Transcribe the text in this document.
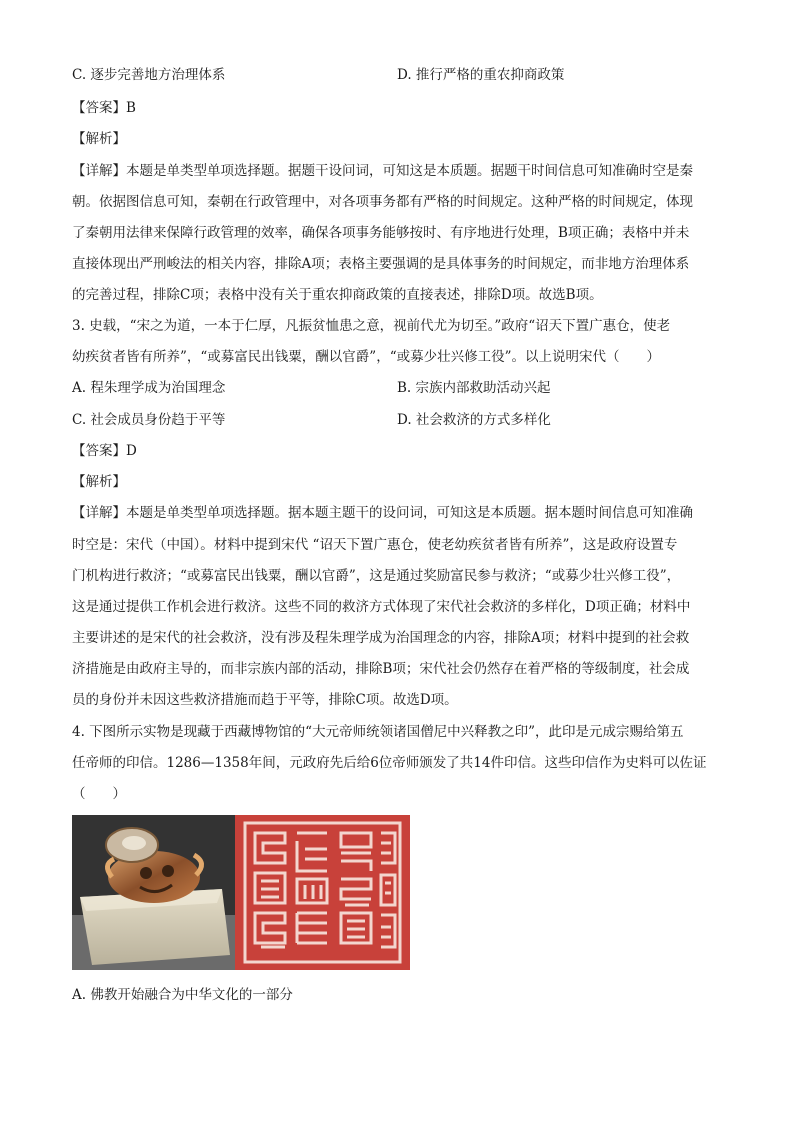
C. 逐步完善地方治理体系	D. 推行严格的重农抑商政策
【答案】B
【解析】
【详解】本题是单类型单项选择题。据题干设问词，可知这是本质题。据题干时间信息可知准确时空是秦
朝。依据图信息可知，秦朝在行政管理中，对各项事务都有严格的时间规定。这种严格的时间规定，体现
了秦朝用法律来保障行政管理的效率，确保各项事务能够按时、有序地进行处理，B项正确；表格中并未
直接体现出严刑峻法的相关内容，排除A项；表格主要强调的是具体事务的时间规定，而非地方治理体系
的完善过程，排除C项；表格中没有关于重农抑商政策的直接表述，排除D项。故选B项。
3. 史载，“宋之为道，一本于仁厚，凡振贫恤患之意，视前代尤为切至。”政府“诏天下置广惠仓，使老
幼疾贫者皆有所养”，“或募富民出钱粟，酬以官爵”，“或募少壮兴修工役”。以上说明宋代（　　）
A. 程朱理学成为治国理念	B. 宗族内部救助活动兴起
C. 社会成员身份趋于平等	D. 社会救济的方式多样化
【答案】D
【解析】
【详解】本题是单类型单项选择题。据本题主题干的设问词，可知这是本质题。据本题时间信息可知准确
时空是：宋代（中国）。材料中提到宋代 “诏天下置广惠仓，使老幼疾贫者皆有所养”，这是政府设置专
门机构进行救济；“或募富民出钱粟，酬以官爵”，这是通过奖励富民参与救济；“或募少壮兴修工役”，
这是通过提供工作机会进行救济。这些不同的救济方式体现了宋代社会救济的多样化，D项正确；材料中
主要讲述的是宋代的社会救济，没有涉及程朱理学成为治国理念的内容，排除A项；材料中提到的社会救
济措施是由政府主导的，而非宗族内部的活动，排除B项；宋代社会仍然存在着严格的等级制度，社会成
员的身份并未因这些救济措施而趋于平等，排除C项。故选D项。
4. 下图所示实物是现藏于西藏博物馆的“大元帝师统领诸国僧尼中兴释教之印”，此印是元成宗赐给第五
任帝师的印信。1286—1358年间，元政府先后给6位帝师颁发了共14件印信。这些印信作为史料可以佐证
（　　）
A. 佛教开始融合为中华文化的一部分
